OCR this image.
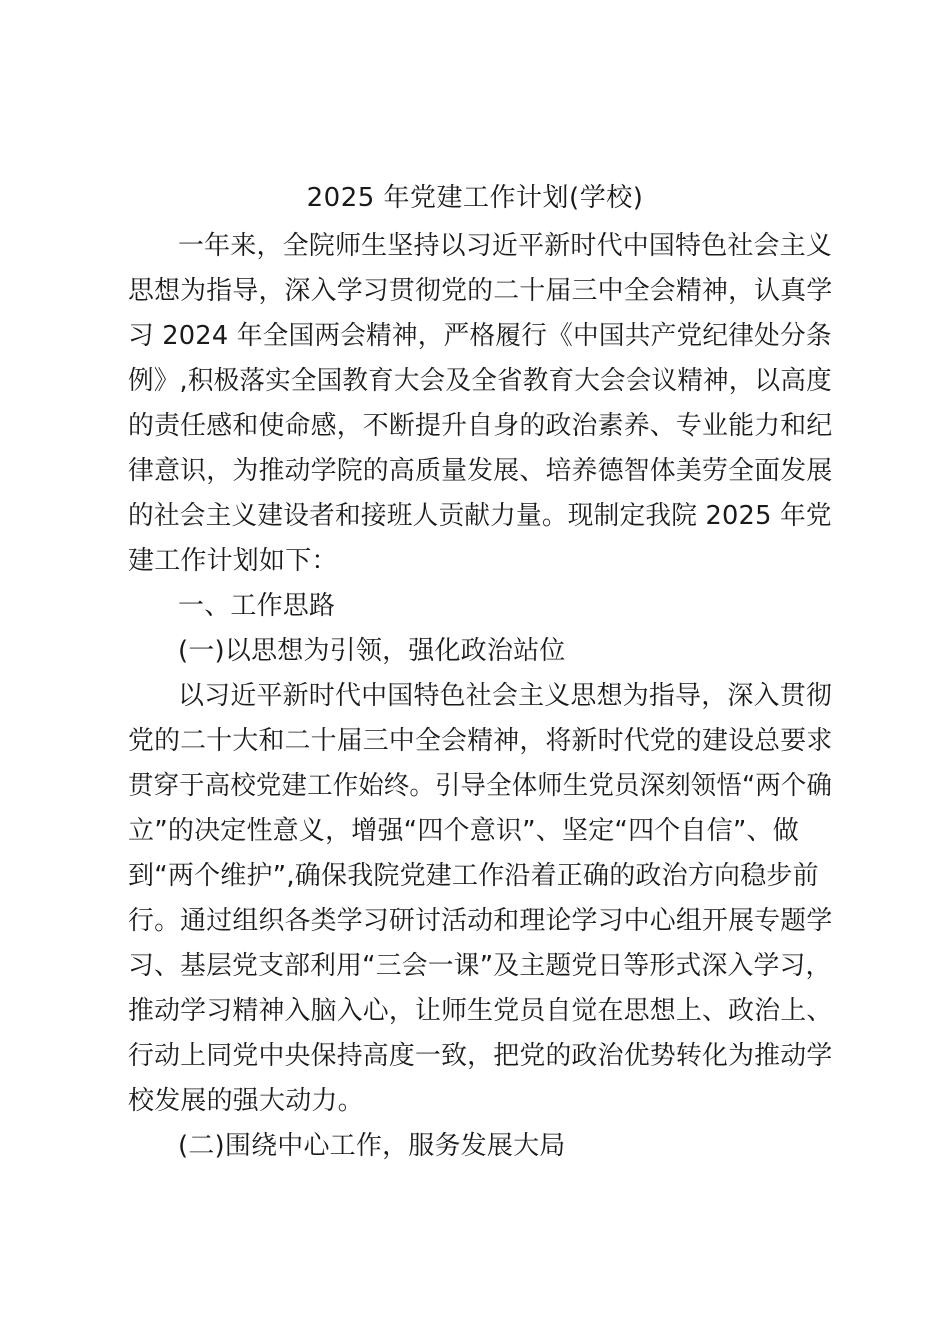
2025 年党建工作计划(学校)
一年来，全院师生坚持以习近平新时代中国特色社会主义
思想为指导，深入学习贯彻党的二十届三中全会精神，认真学
习 2024 年全国两会精神，严格履行《中国共产党纪律处分条
例》,积极落实全国教育大会及全省教育大会会议精神，以高度
的责任感和使命感，不断提升自身的政治素养、专业能力和纪
律意识，为推动学院的高质量发展、培养德智体美劳全面发展
的社会主义建设者和接班人贡献力量。现制定我院 2025 年党
建工作计划如下：
一、工作思路
(一)以思想为引领，强化政治站位
以习近平新时代中国特色社会主义思想为指导，深入贯彻
党的二十大和二十届三中全会精神，将新时代党的建设总要求
贯穿于高校党建工作始终。引导全体师生党员深刻领悟“两个确
立”的决定性意义，增强“四个意识”、坚定“四个自信”、做
到“两个维护”,确保我院党建工作沿着正确的政治方向稳步前
行。通过组织各类学习研讨活动和理论学习中心组开展专题学
习、基层党支部利用“三会一课”及主题党日等形式深入学习，
推动学习精神入脑入心，让师生党员自觉在思想上、政治上、
行动上同党中央保持高度一致，把党的政治优势转化为推动学
校发展的强大动力。
(二)围绕中心工作，服务发展大局
